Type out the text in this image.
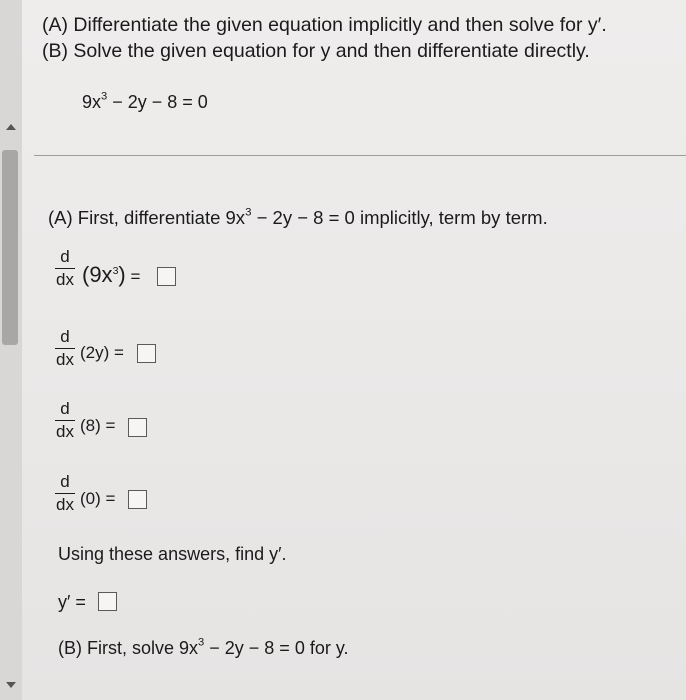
(A) Differentiate the given equation implicitly and then solve for y′.
(B) Solve the given equation for y and then differentiate directly.
$9x^3 - 2y - 8 = 0$
(A) First, differentiate $9x^3 - 2y - 8 = 0$ implicitly, term by term.
d
dx $(9x^3)$ =
d
dx (2y) =
d
dx (8) =
d
dx (0) =
Using these answers, find y′.
y′ =
(B) First, solve $9x^3 - 2y - 8 = 0$ for y.
